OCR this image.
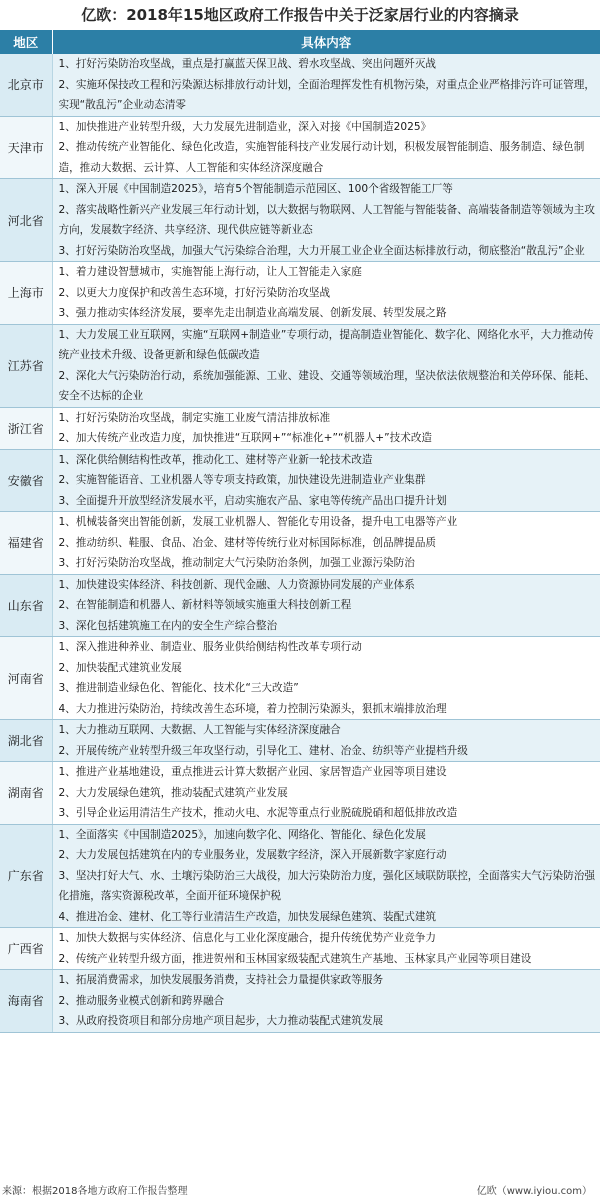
亿欧：2018年15地区政府工作报告中关于泛家居行业的内容摘录
地区	具体内容
北京市	1、打好污染防治攻坚战，重点是打赢蓝天保卫战、碧水攻坚战、突出问题歼灭战
2、实施环保技改工程和污染源达标排放行动计划，全面治理挥发性有机物污染，对重点企业严格排污许可证管理，实现“散乱污”企业动态清零

天津市	1、加快推进产业转型升级，大力发展先进制造业，深入对接《中国制造2025》
2、推动传统产业智能化、绿色化改造，实施智能科技产业发展行动计划，积极发展智能制造、服务制造、绿色制造，推动大数据、云计算、人工智能和实体经济深度融合

河北省	1、深入开展《中国制造2025》，培育5个智能制造示范园区、100个省级智能工厂等
2、落实战略性新兴产业发展三年行动计划，以大数据与物联网、人工智能与智能装备、高端装备制造等领域为主攻方向，发展数字经济、共享经济、现代供应链等新业态
3、打好污染防治攻坚战，加强大气污染综合治理，大力开展工业企业全面达标排放行动，彻底整治“散乱污”企业

上海市	1、着力建设智慧城市，实施智能上海行动，让人工智能走入家庭
2、以更大力度保护和改善生态环境，打好污染防治攻坚战
3、强力推动实体经济发展，要率先走出制造业高端发展、创新发展、转型发展之路

江苏省	1、大力发展工业互联网，实施“互联网+制造业”专项行动，提高制造业智能化、数字化、网络化水平，大力推动传统产业技术升级、设备更新和绿色低碳改造
2、深化大气污染防治行动，系统加强能源、工业、建设、交通等领域治理，坚决依法依规整治和关停环保、能耗、安全不达标的企业

浙江省	1、打好污染防治攻坚战，制定实施工业废气清洁排放标准
2、加大传统产业改造力度，加快推进“互联网+”“标准化+”“机器人+”技术改造

安徽省	1、深化供给侧结构性改革，推动化工、建材等产业新一轮技术改造
2、实施智能语音、工业机器人等专项支持政策，加快建设先进制造业产业集群
3、全面提升开放型经济发展水平，启动实施农产品、家电等传统产品出口提升计划

福建省	1、机械装备突出智能创新，发展工业机器人、智能化专用设备，提升电工电器等产业
2、推动纺织、鞋服、食品、冶金、建材等传统行业对标国际标准，创品牌提品质
3、打好污染防治攻坚战，推动制定大气污染防治条例，加强工业源污染防治

山东省	1、加快建设实体经济、科技创新、现代金融、人力资源协同发展的产业体系
2、在智能制造和机器人、新材料等领域实施重大科技创新工程
3、深化包括建筑施工在内的安全生产综合整治

河南省	1、深入推进种养业、制造业、服务业供给侧结构性改革专项行动
2、加快装配式建筑业发展
3、推进制造业绿色化、智能化、技术化“三大改造”
4、大力推进污染防治，持续改善生态环境，着力控制污染源头，狠抓末端排放治理

湖北省	1、大力推动互联网、大数据、人工智能与实体经济深度融合
2、开展传统产业转型升级三年攻坚行动，引导化工、建材、冶金、纺织等产业提档升级

湖南省	1、推进产业基地建设，重点推进云计算大数据产业园、家居智造产业园等项目建设
2、大力发展绿色建筑，推动装配式建筑产业发展
3、引导企业运用清洁生产技术，推动火电、水泥等重点行业脱硫脱硝和超低排放改造

广东省	1、全面落实《中国制造2025》，加速向数字化、网络化、智能化、绿色化发展
2、大力发展包括建筑在内的专业服务业，发展数字经济，深入开展新数字家庭行动
3、坚决打好大气、水、土壤污染防治三大战役，加大污染防治力度，强化区域联防联控，全面落实大气污染防治强化措施，落实资源税改革，全面开征环境保护税
4、推进冶金、建材、化工等行业清洁生产改造，加快发展绿色建筑、装配式建筑

广西省	1、加快大数据与实体经济、信息化与工业化深度融合，提升传统优势产业竞争力
2、传统产业转型升级方面，推进贺州和玉林国家级装配式建筑生产基地、玉林家具产业园等项目建设

海南省	1、拓展消费需求，加快发展服务消费，支持社会力量提供家政等服务
2、推动服务业模式创新和跨界融合
3、从政府投资项目和部分房地产项目起步，大力推动装配式建筑发展
来源：根据2018各地方政府工作报告整理	亿欧（www.iyiou.com）
